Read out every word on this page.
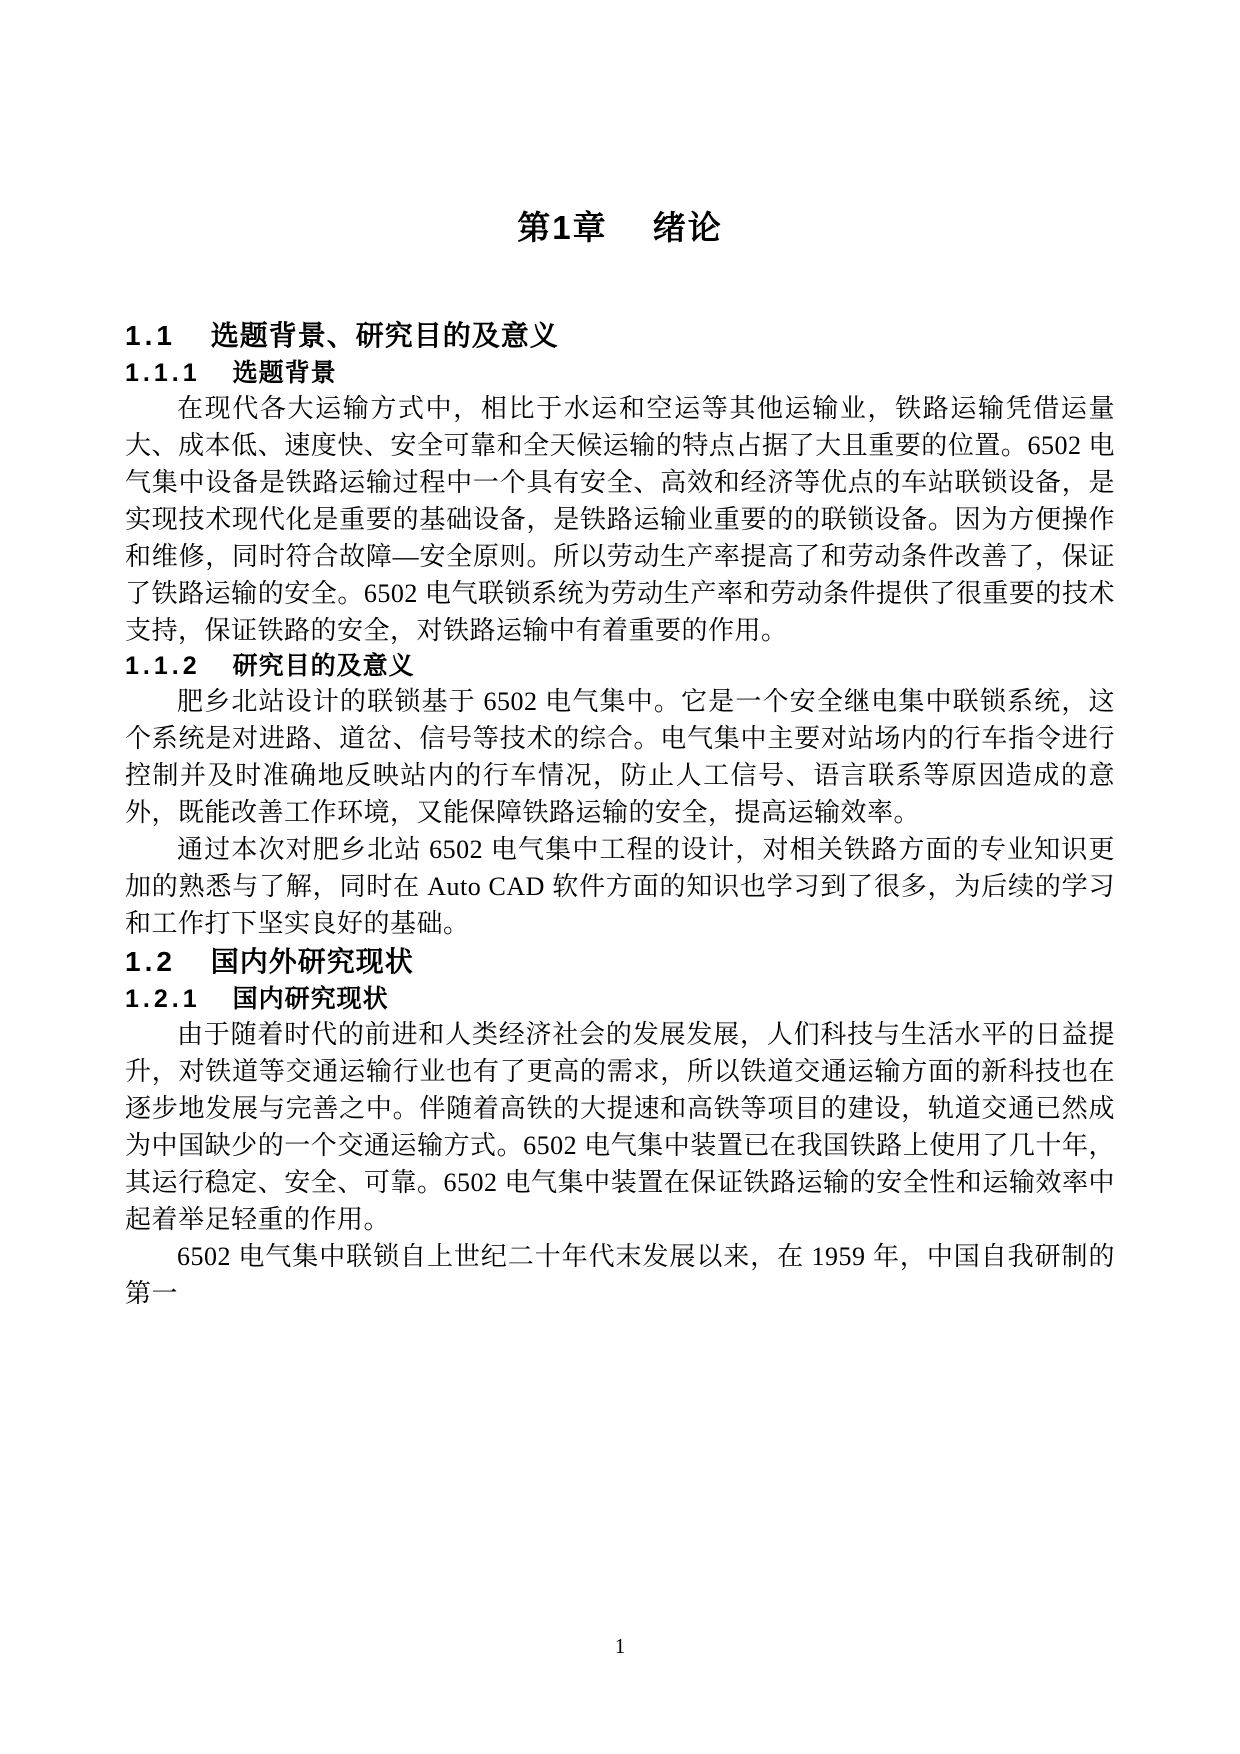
第1章 绪论
1.1 选题背景、研究目的及意义
1.1.1 选题背景

在现代各大运输方式中，相比于水运和空运等其他运输业，铁路运输凭借运量大、成本低、速度快、安全可靠和全天候运输的特点占据了大且重要的位置。6502 电气集中设备是铁路运输过程中一个具有安全、高效和经济等优点的车站联锁设备，是实现技术现代化是重要的基础设备，是铁路运输业重要的的联锁设备。因为方便操作和维修，同时符合故障—安全原则。所以劳动生产率提高了和劳动条件改善了，保证了铁路运输的安全。6502 电气联锁系统为劳动生产率和劳动条件提供了很重要的技术支持，保证铁路的安全，对铁路运输中有着重要的作用。

1.1.2 研究目的及意义

肥乡北站设计的联锁基于 6502 电气集中。它是一个安全继电集中联锁系统，这个系统是对进路、道岔、信号等技术的综合。电气集中主要对站场内的行车指令进行控制并及时准确地反映站内的行车情况，防止人工信号、语言联系等原因造成的意外，既能改善工作环境，又能保障铁路运输的安全，提高运输效率。

通过本次对肥乡北站 6502 电气集中工程的设计，对相关铁路方面的专业知识更加的熟悉与了解，同时在 Auto CAD 软件方面的知识也学习到了很多，为后续的学习和工作打下坚实良好的基础。

1.2 国内外研究现状
1.2.1 国内研究现状

由于随着时代的前进和人类经济社会的发展发展，人们科技与生活水平的日益提升，对铁道等交通运输行业也有了更高的需求，所以铁道交通运输方面的新科技也在逐步地发展与完善之中。伴随着高铁的大提速和高铁等项目的建设，轨道交通已然成为中国缺少的一个交通运输方式。6502 电气集中装置已在我国铁路上使用了几十年，其运行稳定、安全、可靠。6502 电气集中装置在保证铁路运输的安全性和运输效率中起着举足轻重的作用。

6502 电气集中联锁自上世纪二十年代末发展以来，在 1959 年，中国自我研制的第一

1
